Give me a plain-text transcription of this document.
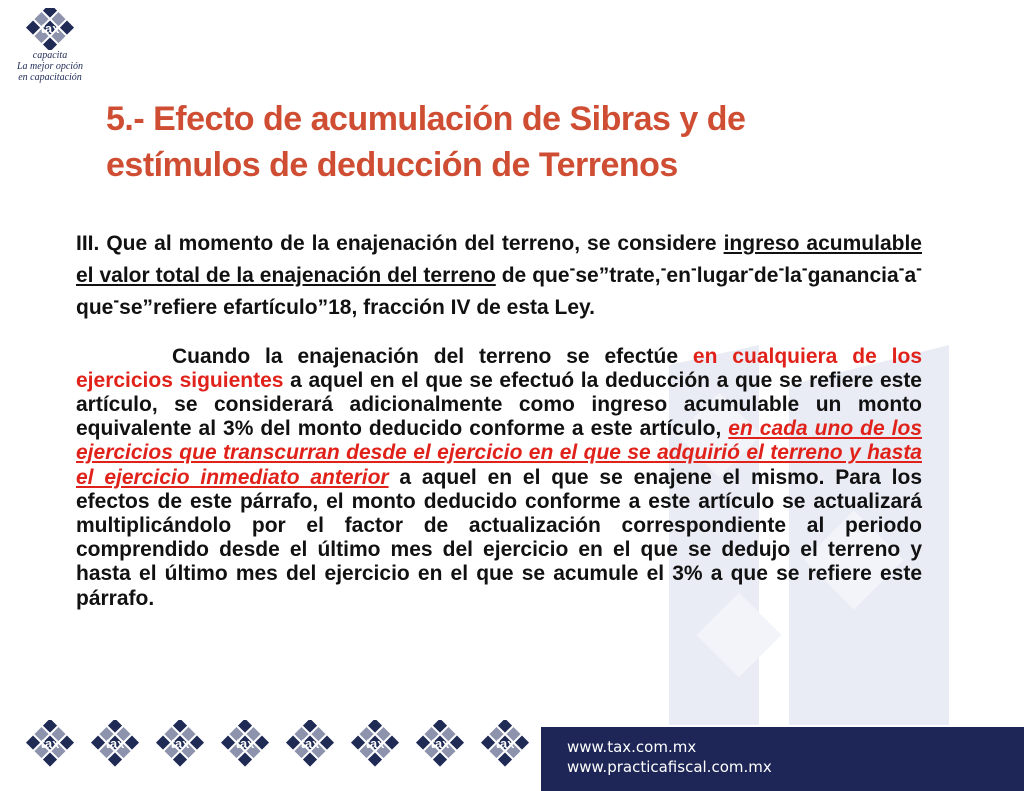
tax
capacita
La mejor opción
en capacitación
5.- Efecto de acumulación de Sibras y de estímulos de deducción de Terrenos

III. Que al momento de la enajenación del terreno, se considere ingreso acumulable el valor total de la enajenación del terreno de que-se”trate,-en-lugar-de-la-ganancia-a-que-se”refiere efartículo”18, fracción IV de esta Ley.

Cuando la enajenación del terreno se efectúe en cualquiera de los ejercicios siguientes a aquel en el que se efectuó la deducción a que se refiere este artículo, se considerará adicionalmente como ingreso acumulable un monto equivalente al 3% del monto deducido conforme a este artículo, en cada uno de los ejercicios que transcurran desde el ejercicio en el que se adquirió el terreno y hasta el ejercicio inmediato anterior a aquel en el que se enajene el mismo. Para los efectos de este párrafo, el monto deducido conforme a este artículo se actualizará multiplicándolo por el factor de actualización correspondiente al periodo comprendido desde el último mes del ejercicio en el que se dedujo el terreno y hasta el último mes del ejercicio en el que se acumule el 3% a que se refiere este párrafo.

tax	tax	tax	tax	tax	tax	tax	tax	www.tax.com.mx
www.practicafiscal.com.mx
